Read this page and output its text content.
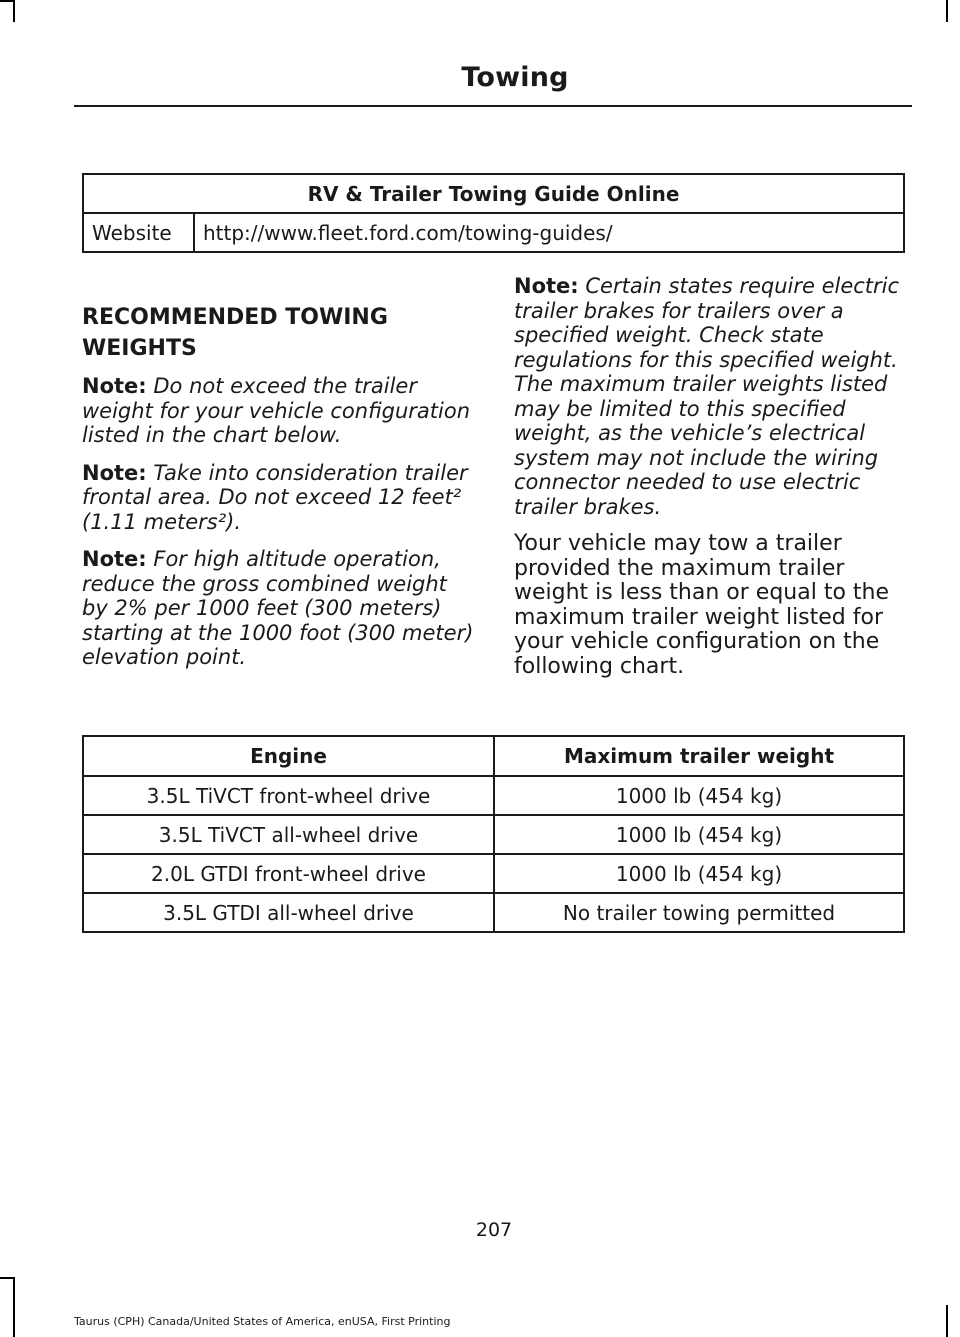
Towing
RV & Trailer Towing Guide Online
Website	http://www.fleet.ford.com/towing-guides/
RECOMMENDED TOWING
WEIGHTS

Note: Do not exceed the trailer weight for your vehicle configuration listed in the chart below.

Note: Take into consideration trailer frontal area. Do not exceed 12 feet² (1.11 meters²).

Note: For high altitude operation, reduce the gross combined weight by 2% per 1000 feet (300 meters) starting at the 1000 foot (300 meter) elevation point.

Note: Certain states require electric trailer brakes for trailers over a specified weight. Check state regulations for this specified weight. The maximum trailer weights listed may be limited to this specified weight, as the vehicle’s electrical system may not include the wiring connector needed to use electric trailer brakes.

Your vehicle may tow a trailer provided the maximum trailer weight is less than or equal to the maximum trailer weight listed for your vehicle configuration on the following chart.

Engine	Maximum trailer weight
3.5L TiVCT front-wheel drive	1000 lb (454 kg)
3.5L TiVCT all-wheel drive	1000 lb (454 kg)
2.0L GTDI front-wheel drive	1000 lb (454 kg)
3.5L GTDI all-wheel drive	No trailer towing permitted
207
Taurus (CPH) Canada/United States of America, enUSA, First Printing
